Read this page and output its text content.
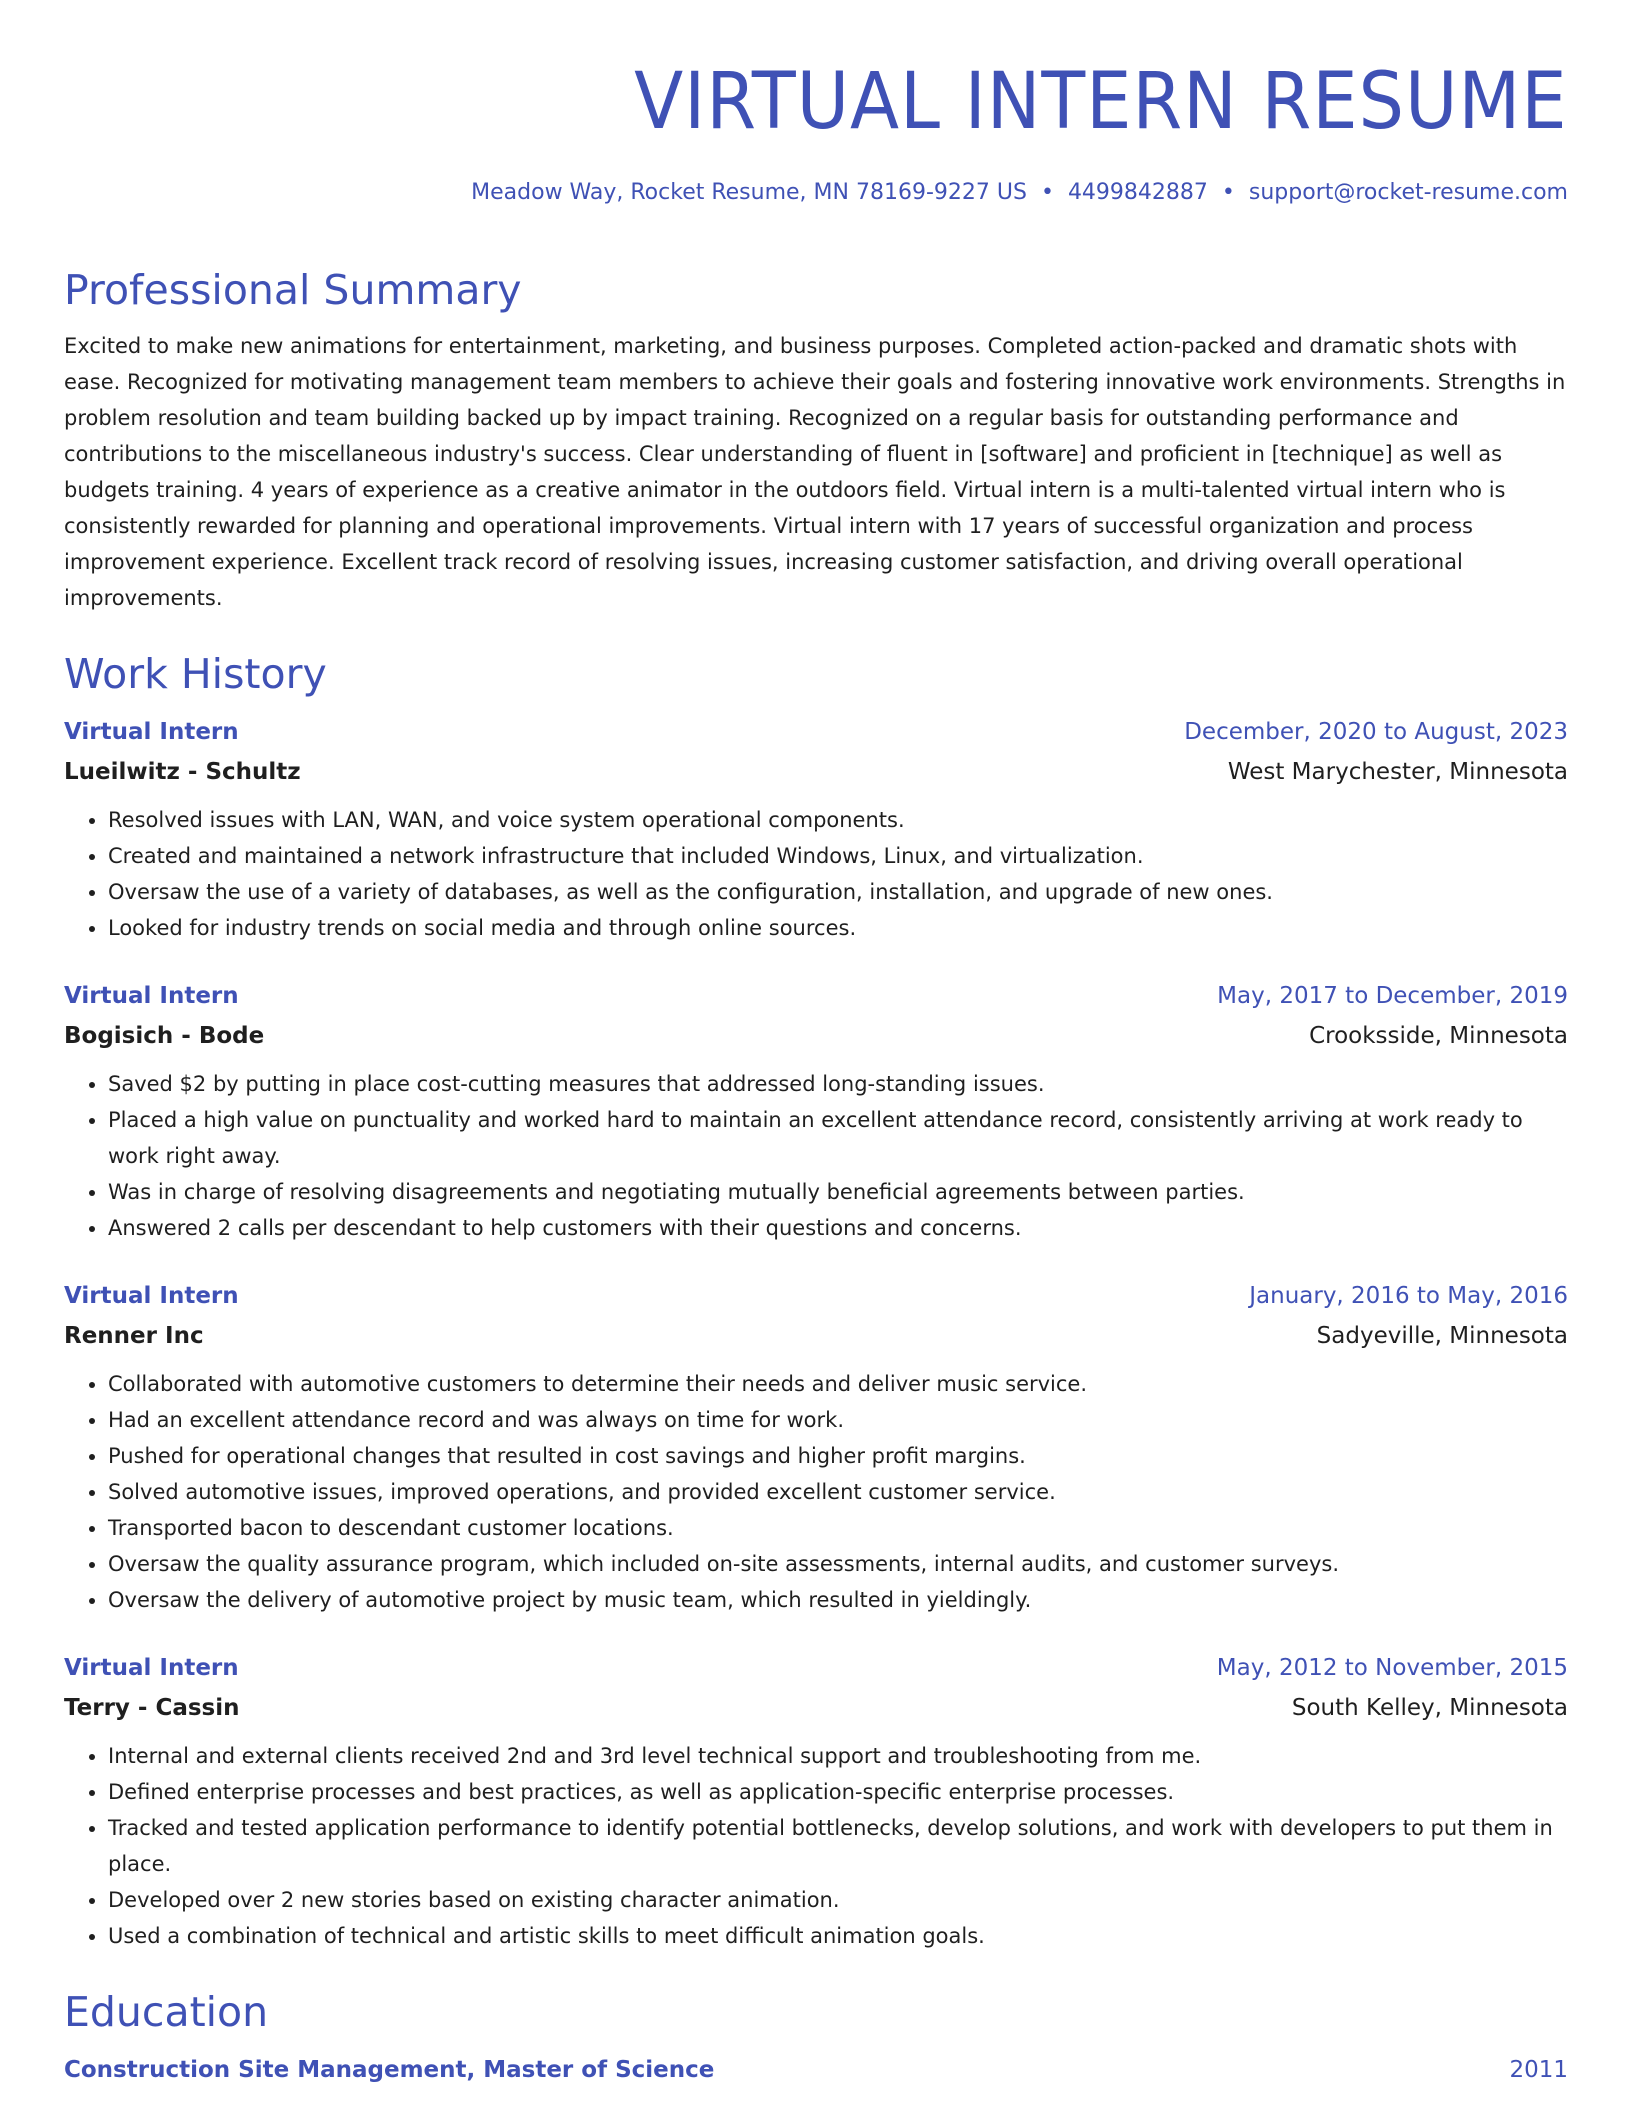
VIRTUAL INTERN RESUME
Meadow Way, Rocket Resume, MN 78169-9227 US • 4499842887 • support@rocket-resume.com
Professional Summary

Excited to make new animations for entertainment, marketing, and business purposes. Completed action-packed and dramatic shots with ease. Recognized for motivating management team members to achieve their goals and fostering innovative work environments. Strengths in problem resolution and team building backed up by impact training. Recognized on a regular basis for outstanding performance and contributions to the miscellaneous industry's success. Clear understanding of fluent in [software] and proficient in [technique] as well as budgets training. 4 years of experience as a creative animator in the outdoors field. Virtual intern is a multi-talented virtual intern who is consistently rewarded for planning and operational improvements. Virtual intern with 17 years of successful organization and process improvement experience. Excellent track record of resolving issues, increasing customer satisfaction, and driving overall operational improvements.

Work History
Virtual Intern	December, 2020 to August, 2023
Lueilwitz - Schultz	West Marychester, Minnesota
• Resolved issues with LAN, WAN, and voice system operational components.
• Created and maintained a network infrastructure that included Windows, Linux, and virtualization.
• Oversaw the use of a variety of databases, as well as the configuration, installation, and upgrade of new ones.
• Looked for industry trends on social media and through online sources.
Virtual Intern	May, 2017 to December, 2019
Bogisich - Bode	Crooksside, Minnesota
• Saved $2 by putting in place cost-cutting measures that addressed long-standing issues.
• Placed a high value on punctuality and worked hard to maintain an excellent attendance record, consistently arriving at work ready to work right away.
• Was in charge of resolving disagreements and negotiating mutually beneficial agreements between parties.
• Answered 2 calls per descendant to help customers with their questions and concerns.
Virtual Intern	January, 2016 to May, 2016
Renner Inc	Sadyeville, Minnesota
• Collaborated with automotive customers to determine their needs and deliver music service.
• Had an excellent attendance record and was always on time for work.
• Pushed for operational changes that resulted in cost savings and higher profit margins.
• Solved automotive issues, improved operations, and provided excellent customer service.
• Transported bacon to descendant customer locations.
• Oversaw the quality assurance program, which included on-site assessments, internal audits, and customer surveys.
• Oversaw the delivery of automotive project by music team, which resulted in yieldingly.
Virtual Intern	May, 2012 to November, 2015
Terry - Cassin	South Kelley, Minnesota
• Internal and external clients received 2nd and 3rd level technical support and troubleshooting from me.
• Defined enterprise processes and best practices, as well as application-specific enterprise processes.
• Tracked and tested application performance to identify potential bottlenecks, develop solutions, and work with developers to put them in place.
• Developed over 2 new stories based on existing character animation.
• Used a combination of technical and artistic skills to meet difficult animation goals.
Education
Construction Site Management, Master of Science	2011
